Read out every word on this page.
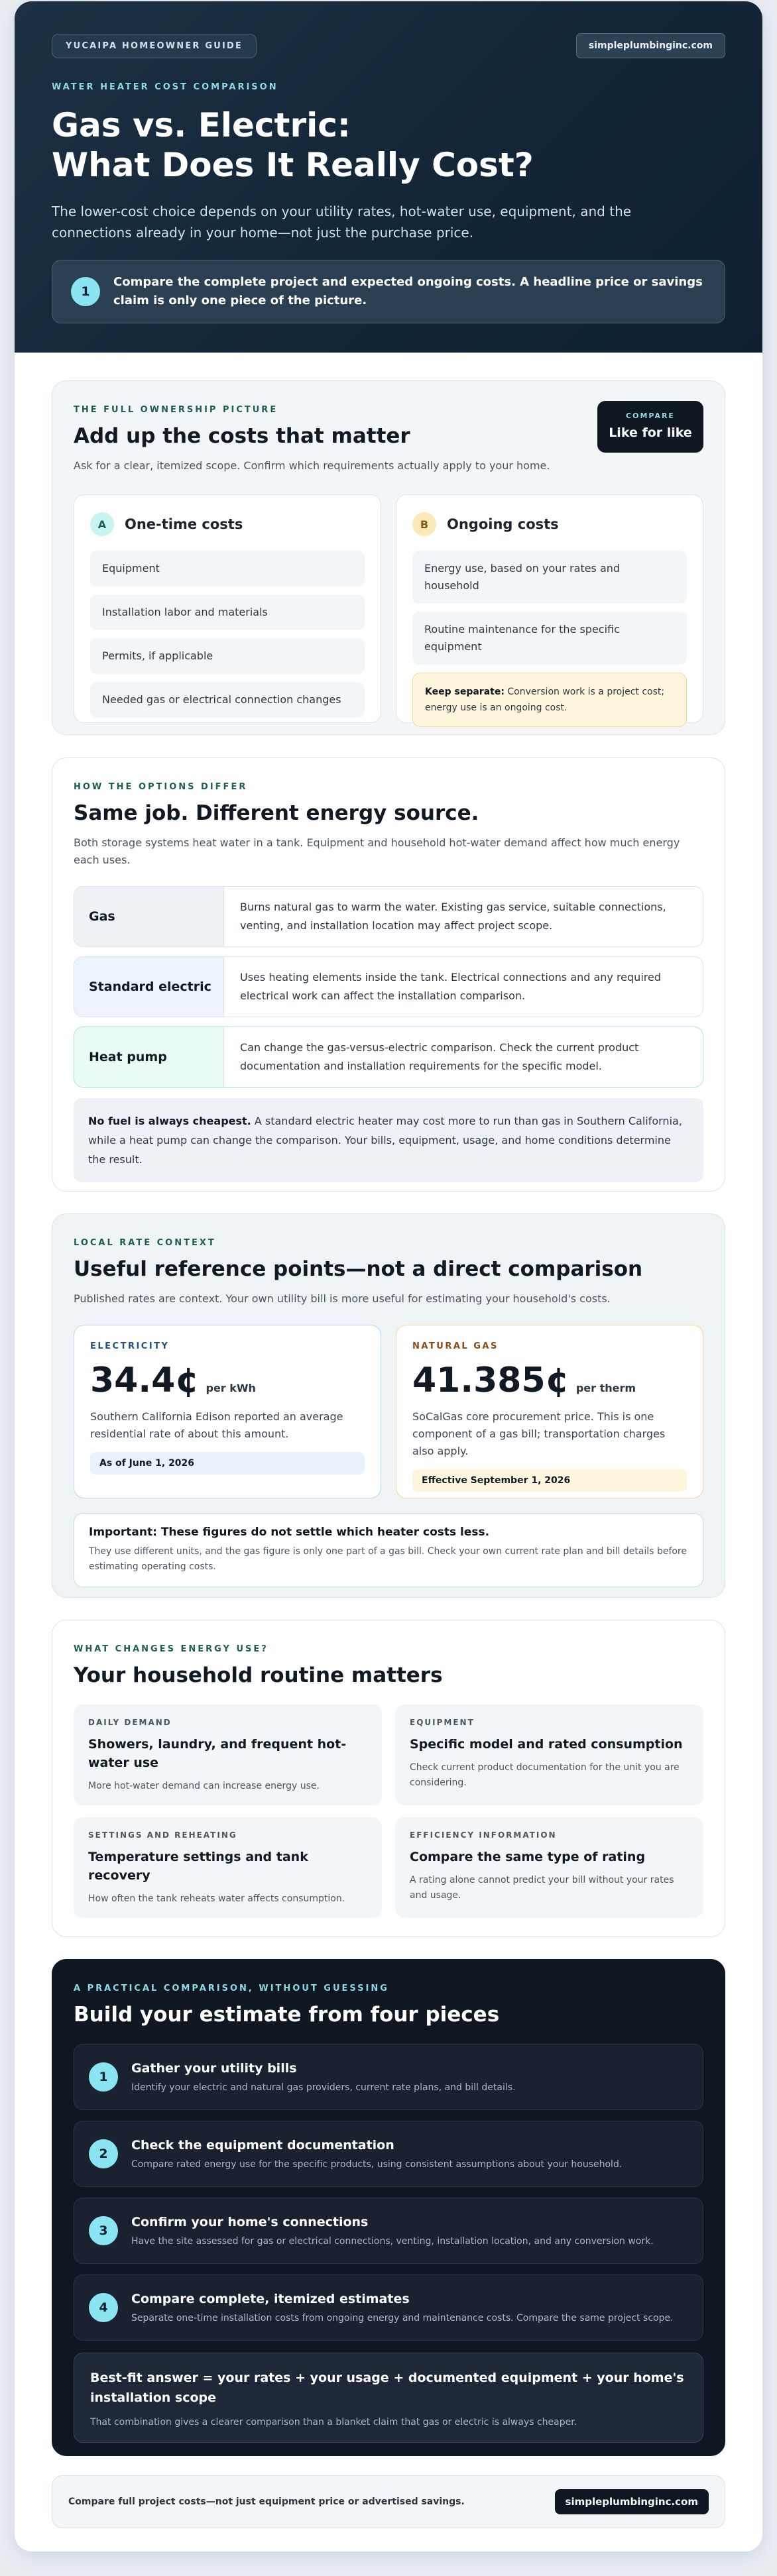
YUCAIPA HOMEOWNER GUIDE	simpleplumbinginc.com
WATER HEATER COST COMPARISON
Gas vs. Electric:
What Does It Really Cost?

The lower-cost choice depends on your utility rates, hot-water use, equipment, and the connections already in your home—not just the purchase price.

1
Compare the complete project and expected ongoing costs. A headline price or savings claim is only one piece of the picture.
THE FULL OWNERSHIP PICTURE
Add up the costs that matter
Ask for a clear, itemized scope. Confirm which requirements actually apply to your home.
COMPARE
Like for like
A	One-time costs
Equipment
Installation labor and materials
Permits, if applicable
Needed gas or electrical connection changes
B	Ongoing costs
Energy use, based on your rates and household
Routine maintenance for the specific equipment
Keep separate: Conversion work is a project cost; energy use is an ongoing cost.
HOW THE OPTIONS DIFFER
Same job. Different energy source.
Both storage systems heat water in a tank. Equipment and household hot-water demand affect how much energy each uses.
Gas
Burns natural gas to warm the water. Existing gas service, suitable connections, venting, and installation location may affect project scope.
Standard electric
Uses heating elements inside the tank. Electrical connections and any required electrical work can affect the installation comparison.
Heat pump
Can change the gas-versus-electric comparison. Check the current product documentation and installation requirements for the specific model.
No fuel is always cheapest. A standard electric heater may cost more to run than gas in Southern California, while a heat pump can change the comparison. Your bills, equipment, usage, and home conditions determine the result.
LOCAL RATE CONTEXT
Useful reference points—not a direct comparison
Published rates are context. Your own utility bill is more useful for estimating your household's costs.
ELECTRICITY
34.4¢ per kWh
Southern California Edison reported an average residential rate of about this amount.
As of June 1, 2026
NATURAL GAS
41.385¢ per therm
SoCalGas core procurement price. This is one component of a gas bill; transportation charges also apply.
Effective September 1, 2026
Important: These figures do not settle which heater costs less.
They use different units, and the gas figure is only one part of a gas bill. Check your own current rate plan and bill details before estimating operating costs.
WHAT CHANGES ENERGY USE?
Your household routine matters
DAILY DEMAND
Showers, laundry, and frequent hot-water use
More hot-water demand can increase energy use.
EQUIPMENT
Specific model and rated consumption
Check current product documentation for the unit you are considering.
SETTINGS AND REHEATING
Temperature settings and tank recovery
How often the tank reheats water affects consumption.
EFFICIENCY INFORMATION
Compare the same type of rating
A rating alone cannot predict your bill without your rates and usage.
A PRACTICAL COMPARISON, WITHOUT GUESSING
Build your estimate from four pieces
1
Gather your utility bills
Identify your electric and natural gas providers, current rate plans, and bill details.
2
Check the equipment documentation
Compare rated energy use for the specific products, using consistent assumptions about your household.
3
Confirm your home's connections
Have the site assessed for gas or electrical connections, venting, installation location, and any conversion work.
4
Compare complete, itemized estimates
Separate one-time installation costs from ongoing energy and maintenance costs. Compare the same project scope.
Best-fit answer = your rates + your usage + documented equipment + your home's installation scope
That combination gives a clearer comparison than a blanket claim that gas or electric is always cheaper.
Compare full project costs—not just equipment price or advertised savings.	simpleplumbinginc.com
